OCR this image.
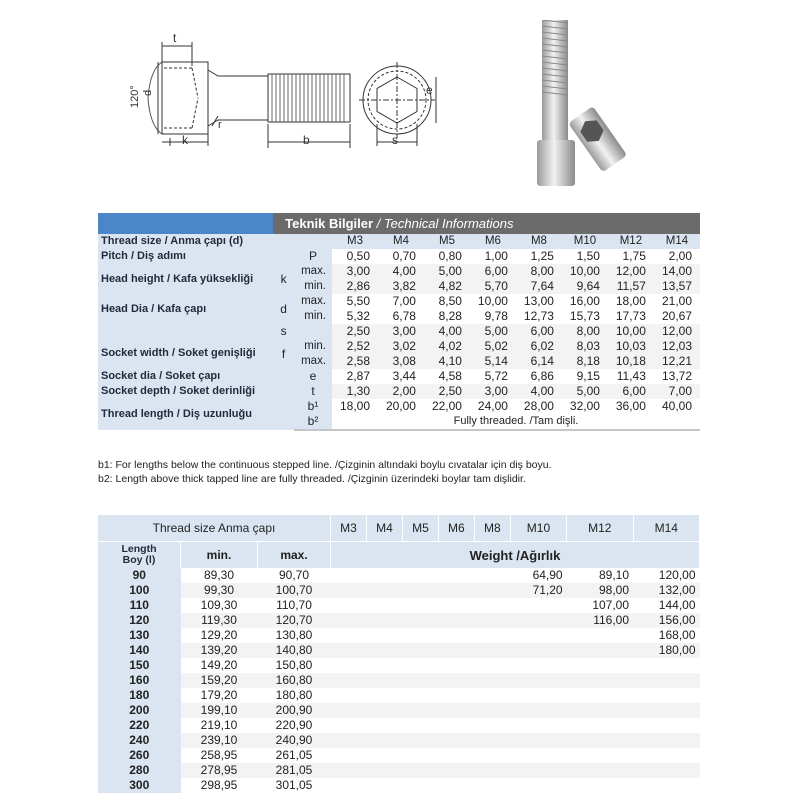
t
120° d
k
r
b	s
e
	Teknik Bilgiler / Technical Informations									
Thread size / Anma çapı (d)			M3	M4	M5	M6	M8	M10	M12	M14
Pitch / Diş adımı		P	0,50	0,70	0,80	1,00	1,25	1,50	1,75	2,00
Head height / Kafa yüksekliği	k	max.	3,00	4,00	5,00	6,00	8,00	10,00	12,00	14,00
		min.	2,86	3,82	4,82	5,70	7,64	9,64	11,57	13,57
Head Dia / Kafa çapı	d	max.	5,50	7,00	8,50	10,00	13,00	16,00	18,00	21,00
		min.	5,32	6,78	8,28	9,78	12,73	15,73	17,73	20,67
Socket width / Soket genişliği	s		2,50	3,00	4,00	5,00	6,00	8,00	10,00	12,00
	f	min.	2,52	3,02	4,02	5,02	6,02	8,03	10,03	12,03
		max.	2,58	3,08	4,10	5,14	6,14	8,18	10,18	12,21
Socket dia / Soket çapı		e	2,87	3,44	4,58	5,72	6,86	9,15	11,43	13,72
Socket depth / Soket derinliği		t	1,30	2,00	2,50	3,00	4,00	5,00	6,00	7,00
Thread length / Diş uzunluğu		b¹	18,00	20,00	22,00	24,00	28,00	32,00	36,00	40,00
		b²	Fully threaded. /Tam dişli.							
b1: For lengths below the continuous stepped line. /Çizginin altındaki boylu cıvatalar için diş boyu.
b2: Length above thick tapped line are fully threaded. /Çizginin üzerindeki boylar tam dişlidir.
Thread size Anma çapı			M3	M4	M5	M6	M8	M10	M12	M14

Length
Boy (l)	min.	max.	Weight /Ağırlık							
90	89,30	90,70						64,90	89,10	120,00
100	99,30	100,70						71,20	98,00	132,00
110	109,30	110,70							107,00	144,00
120	119,30	120,70							116,00	156,00
130	129,20	130,80								168,00
140	139,20	140,80								180,00
150	149,20	150,80								
160	159,20	160,80								
180	179,20	180,80								
200	199,10	200,90								
220	219,10	220,90								
240	239,10	240,90								
260	258,95	261,05								
280	278,95	281,05								
300	298,95	301,05								
